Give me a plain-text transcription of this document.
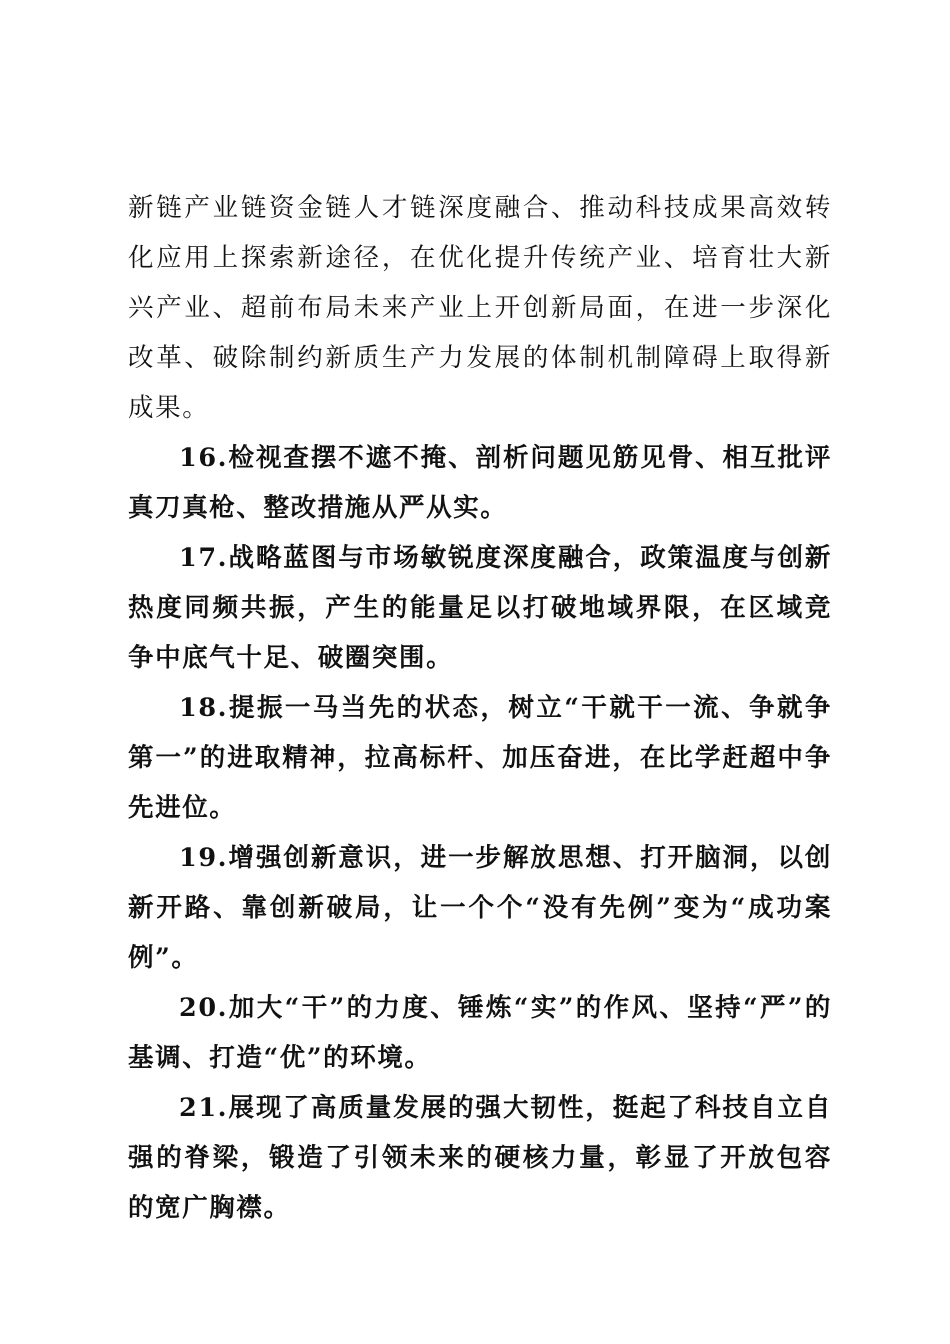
新链产业链资金链人才链深度融合、推动科技成果高效转化应用上探索新途径，在优化提升传统产业、培育壮大新兴产业、超前布局未来产业上开创新局面，在进一步深化改革、破除制约新质生产力发展的体制机制障碍上取得新成果。

16.检视查摆不遮不掩、剖析问题见筋见骨、相互批评真刀真枪、整改措施从严从实。

17.战略蓝图与市场敏锐度深度融合，政策温度与创新热度同频共振，产生的能量足以打破地域界限，在区域竞争中底气十足、破圈突围。

18.提振一马当先的状态，树立“干就干一流、争就争第一”的进取精神，拉高标杆、加压奋进，在比学赶超中争先进位。

19.增强创新意识，进一步解放思想、打开脑洞，以创新开路、靠创新破局，让一个个“没有先例”变为“成功案例”。

20.加大“干”的力度、锤炼“实”的作风、坚持“严”的基调、打造“优”的环境。

21.展现了高质量发展的强大韧性，挺起了科技自立自强的脊梁，锻造了引领未来的硬核力量，彰显了开放包容的宽广胸襟。
